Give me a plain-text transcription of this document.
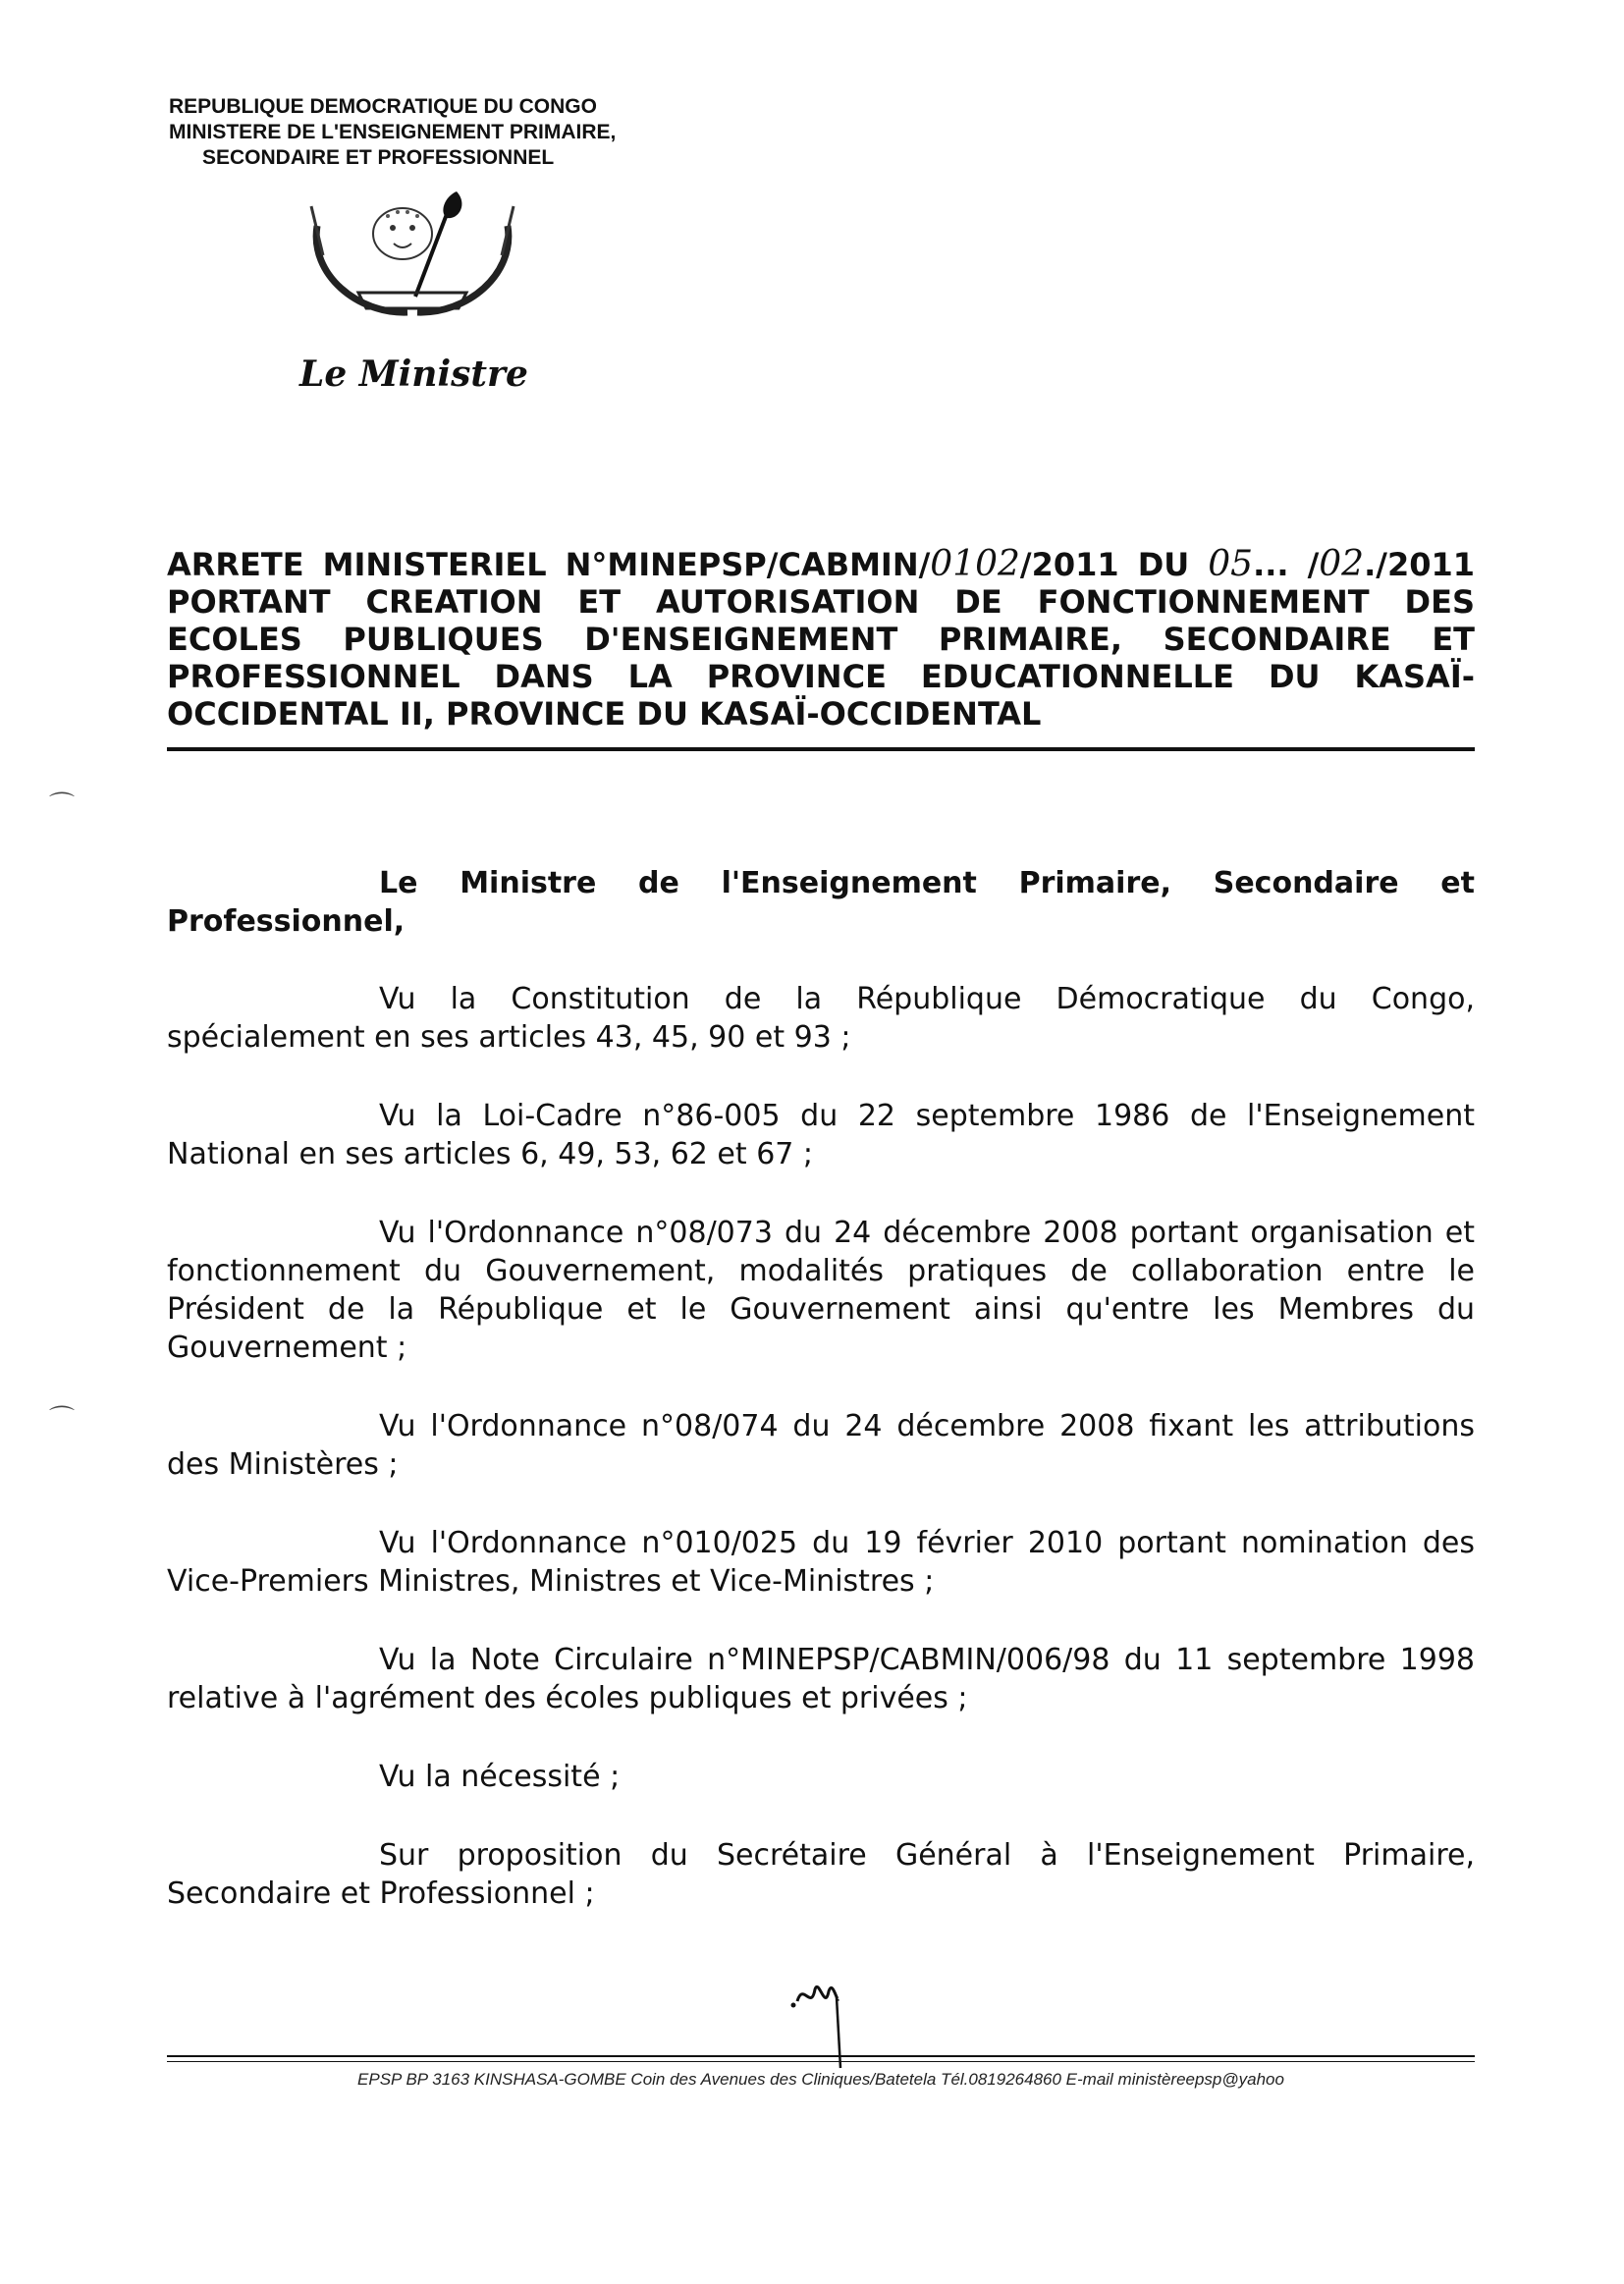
REPUBLIQUE DEMOCRATIQUE DU CONGO
MINISTERE DE L'ENSEIGNEMENT PRIMAIRE,
SECONDAIRE ET PROFESSIONNEL
Le Ministre
⌒
⌒
ARRETE MINISTERIEL N°MINEPSP/CABMIN/0102/2011 DU 05... /02./2011 PORTANT CREATION ET AUTORISATION DE FONCTIONNEMENT DES ECOLES PUBLIQUES D'ENSEIGNEMENT PRIMAIRE, SECONDAIRE ET PROFESSIONNEL DANS LA PROVINCE EDUCATIONNELLE DU KASAÏ-OCCIDENTAL II, PROVINCE DU KASAÏ-OCCIDENTAL
Le Ministre de l'Enseignement Primaire, Secondaire et Professionnel,

Vu la Constitution de la République Démocratique du Congo, spécialement en ses articles 43, 45, 90 et 93 ;

Vu la Loi-Cadre n°86-005 du 22 septembre 1986 de l'Enseignement National en ses articles 6, 49, 53, 62 et 67 ;

Vu l'Ordonnance n°08/073 du 24 décembre 2008 portant organisation et fonctionnement du Gouvernement, modalités pratiques de collaboration entre le Président de la République et le Gouvernement ainsi qu'entre les Membres du Gouvernement ;

Vu l'Ordonnance n°08/074 du 24 décembre 2008 fixant les attributions des Ministères ;

Vu l'Ordonnance n°010/025 du 19 février 2010 portant nomination des Vice-Premiers Ministres, Ministres et Vice-Ministres ;

Vu la Note Circulaire n°MINEPSP/CABMIN/006/98 du 11 septembre 1998 relative à l'agrément des écoles publiques et privées ;

Vu la nécessité ;

Sur proposition du Secrétaire Général à l'Enseignement Primaire, Secondaire et Professionnel ;

EPSP BP 3163 KINSHASA-GOMBE Coin des Avenues des Cliniques/Batetela Tél.0819264860 E-mail ministèreepsp@yahoo
